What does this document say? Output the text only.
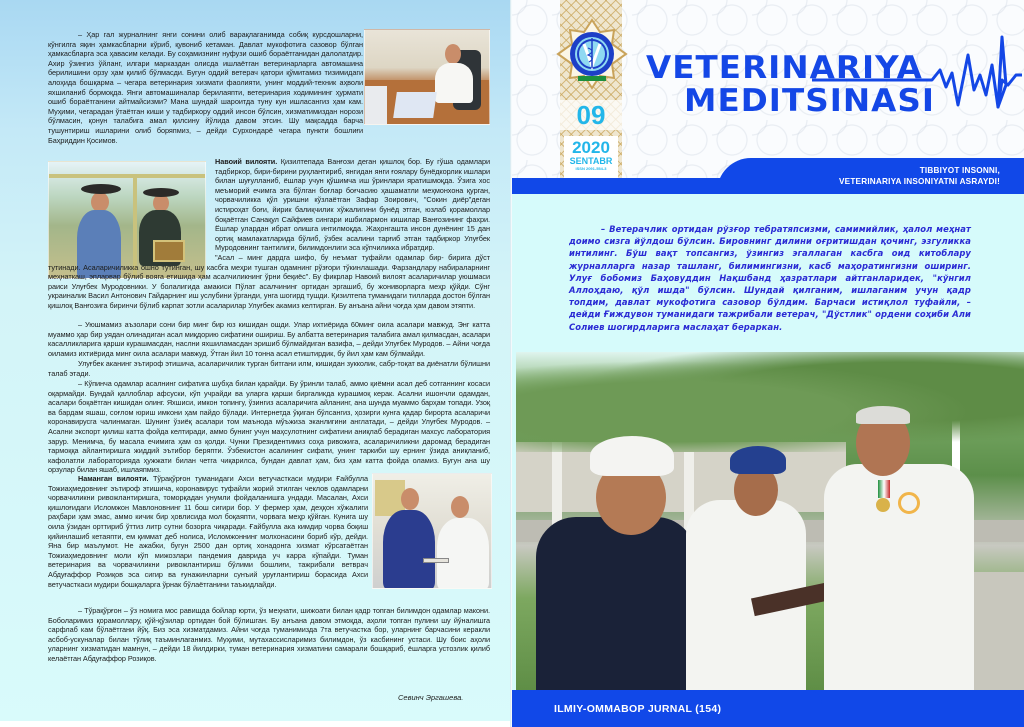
– Ҳар гал журналнинг янги сонини олиб варақлаганимда собиқ курсдошларни, кўнгилга яқин ҳамкасбларни кўриб, қувониб кетаман. Давлат мукофотига сазовор бўлган ҳамкасбларга эса ҳавасим келади. Бу соҳамизнинг нуфузи ошиб бораётганидан далолатдир. Ахир ўзингиз ўйланг, илгари марказдан олисда ишлаётган ветеринарларга автомашина берилишини орзу ҳам қилиб бўлмасди. Бугун оддий ветерач қатори қўмитамиз тизимидаги алоҳида бошқарма – чегара ветеринария хизмати фаолияти, унинг моддий-техник аҳволи яхшиланиб бормоқда. Янги автомашиналар берилаяпти, ветеринария ходимининг ҳурмати ошиб бораётганини айтмайсизми? Мана шундай шароитда туну кун ишласангиз ҳам кам. Муҳими, чегарадан ўтаётган киши у тадбиркору оддий инсон бўлсин, хизматимиздан норози бўлмасин, қонун талабига амал қилсину йўлида давом этсин. Шу мақсадда барча тушунтириш ишларини олиб боряпмиз, – дейди Сурхондарё чегара пункти бошлиғи Баҳриддин Қосимов.
Навоий вилояти. Қизилтепада Ванғози деган қишлоқ бор. Бу гўша одамлари тадбиркор, бири-бирини руҳлантириб, янгидан янги ғоялару бунёдкорлик ишлари билан шуғулланиб, ёшлар учун қўшимча иш ўринлари яратишмоқда. Ўзига хос меъморий ечимга эга бўлган боғлар боғчасию ҳашаматли меҳмонхона қурган, чорвачиликка қўл уришни кўзлаётган Зафар Зоирович, "Сокин диёр"деган истироҳат боғи, йирик балиқчилик хўжалигини бунёд этган, юзлаб қорамоллар боқаётган Санақул Сайфиев сингари ишбилармон кишилар Ванғозининг фахри. Ёшлар улардан ибрат олишга интилмоқда. Жаҳонгашта инсон дунёнинг 15 дан ортиқ мамлакатларида бўлиб, ўзбек асалини тарғиб этган тадбиркор Улуғбек Муродовнинг тантилиги, билимдонлиги эса кўпчиликка ибратдир.
"Асал – минг дардга шифо, бу неъмат туфайли одамлар бир- бирига дўст тутинади. Асаларичиликка ошно тутинган, шу касбга меҳри тушган одамнинг рўзғори тўкинлашади. Фарзандлару набираларнинг меҳнаткаш, эпларвар бўлиб вояга етишида ҳам асалчиликнинг ўрни беқиёс". Бу фикрлар Навоий вилоят асаларичилар уюшмаси раиси Улуғбек Муродовники. У болалигида амакиси Пўлат асалчининг ортидан эргашиб, бу жониворларга меҳр қўйди. Сўнг украиналик Васил Антонович Гайдарнинг иш услубини ўрганди, унга шогирд тушди. Қизилтепа туманидаги тилларда достон бўлган қишлоқ Ванғозига биринчи бўлиб карпат зотли асаларилар Улуғбек акамиз келтирган. Бу анъана айни чоғда ҳам давом этяпти.
– Уюшмамиз аъзолари сони бир минг бир юз кишидан ошди. Улар ихтиёрида 60минг оила асалари мавжуд. Энг катта муаммо ҳар бир уядан олинадиган асал миқдорию сифатини ошириш. Бу албатта ветеринария талабига амал қилмасдан, асалари касалликларига қарши курашмасдан, наслни яхшиламасдан эришиб бўлмайдиган вазифа, – дейди Улуғбек Муродов. – Айни чоғда оиламиз ихтиёрида минг оила асалари мавжуд. Ўтган йил 10 тонна асал етиштирдик, бу йил ҳам кам бўлмайди.
Улуғбек аканинг эътироф этишича, асаларичилик турган битгани илм, кишидан зукколик, сабр-тоқат ва диёнатли бўлишни талаб этади.
– Кўпинча одамлар асалнинг сифатига шубҳа билан қарайди. Бу ўринли талаб, аммо қиёмни асал деб сотганнинг косаси оқармайди. Бундай қаллоблар афсуски, кўп учрайди ва уларга қарши биргаликда курашмоқ керак. Асални ишончли одамдан, асалари боқаётган кишидан олинг. Яхшиси, имкон топингу, ўзингиз асаларичига айланинг, ана шунда муаммо барҳам топади. Узоқ ва бардам яшаш, соғлом юриш имкони ҳам пайдо бўлади. Интернетда ўқиган бўлсангиз, ҳозирги кунга қадар бирорта асаларичи коронавирусга чалинмаган. Шунинг ўзиёқ асалари том маънода мўъжиза эканлигини англатади, – дейди Улуғбек Муродов. – Асални экспорт қилиш катта фойда келтиради, аммо бунинг учун маҳсулотнинг сифатини аниқлаб берадиган махсус лаборатория зарур. Менимча, бу масала ечимига ҳам оз қолди. Чунки Президентимиз соҳа ривожига, асаларичиликни даромад берадиган тармоққа айлантиришга жиддий эътибор беряпти. Ўзбекистон асалининг сифати, унинг таркиби шу ернинг ўзида аниқланиб, кафолатли лабораторияда ҳужжати билан четга чиқарилса, бундан давлат ҳам, биз ҳам катта фойда оламиз. Бугун ана шу орзулар билан яшаб, ишлаяпмиз.
Наманган вилояти. Тўрақўрғон туманидаги Ахси ветучасткаси мудири Ғайбулла Тожиаҳмедовнинг эътироф этишича, коронавирус туфайли жорий этилган чеклов одамларни чорвачиликни ривожлантиришга, томорқадан унумли фойдаланишга ундади. Масалан, Ахси қишлоғидаги Исломжон Мавлоновнинг 11 бош сигири бор. У фермер ҳам, деҳқон хўжалиги раҳбари ҳам эмас, аммо кичик бир ҳовлисида мол боқаяпти, чорвага меҳр қўйган. Кунига шу оила ўзидан орттириб ўттиз литр сутни бозорга чиқаради. Ғайбулла ака кимдир чорва боқиш қийинлашиб кетаяпти, ем қиммат деб нолиса, Исломжоннинг молхонасини бориб кўр, дейди. Яна бир маълумот. Не ажабки, бугун 2500 дан ортиқ хонадонга хизмат кўрсатаётган Тожиаҳмедовнинг моли кўп мижозлари пандемия даврида уч карра кўпайди. Туман ветеринария ва чорвачиликни ривожлантириш бўлими бошлиғи, тажрибали ветврач Абдуғаффор Розиқов эса сигир ва ғунажинларни сунъий уруғлантириш борасида Ахси ветучасткаси мудири бошқаларга ўрнак бўлаётганини таъкидлайди.
– Тўрақўрғон – ўз номига мос равишда бойлар юрти, ўз меҳнати, шижоати билан қадр топган билимдон одамлар макони. Боболаримиз қорамоллару, қўй-қўзилар ортидан бой бўлишган. Бу анъана давом этмоқда, аҳоли топган пулини шу йўналишга сарфлаб кам бўлаётгани йўқ. Биз эса хизматдамиз. Айни чоғда туманимизда 7та ветучастка бор, уларнинг барчасини керакли асбоб-ускуналар билан тўлиқ таъминлаганмиз. Муҳими, мутахассисларимиз билимдон, ўз касбининг устаси. Шу боис аҳоли уларнинг хизматидан мамнун, – дейди 18 йилдирки, туман ветеринария хизматини самарали бошқариб, ёшларга устозлик қилиб келаётган Абдуғаффор Розиқов.
Севинч Эргашева.
09
2020
SENTABR
ISSN 2091-554-3
VETERINARIYA
MEDITSINASI
TIBBIYOT INSONNI,
VETERINARIYA INSONIYATNI ASRAYDI!
– Ветерачлик ортидан рўзғор тебратяпсизми, самимийлик, ҳалол меҳнат доимо сизга йўлдош бўлсин. Бировнинг дилини оғритишдан қочинг, эзгуликка интилинг. Бўш вақт топсангиз, ўзингиз эгаллаган касбга оид китоблару журналларга назар ташланг, билимингизни, касб маҳоратингизни оширинг. Улуғ бобомиз Баҳовуддин Нақшбанд ҳазратлари айтганларидек, "кўнгил Аллоҳдаю, қўл ишда" бўлсин. Шундай қилганим, ишлаганим учун қадр топдим, давлат мукофотига сазовор бўлдим. Барчаси истиқлол туфайли, – дейди Ғиждувон туманидаги тажрибали ветерач, "Дўстлик" ордени соҳиби Али Солиев шогирдларига маслаҳат бераркан.
ILMIY-OMMABOP JURNAL (154)
